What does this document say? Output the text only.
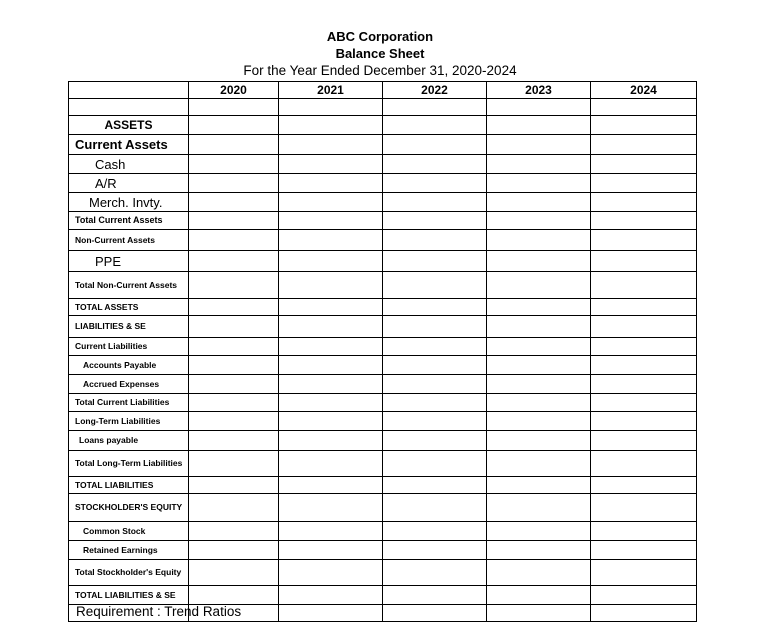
ABC Corporation
Balance Sheet
For the Year Ended December 31, 2020-2024
	2020	2021	2022	2023	2024

ASSETS					

Current Assets					

Cash					

A/R					

Merch. Invty.					

Total Current Assets					

Non-Current Assets					

PPE					

Total Non-Current Assets					

TOTAL ASSETS					

LIABILITIES & SE					

Current Liabilities					

Accounts Payable					

Accrued Expenses					

Total Current Liabilities					

Long-Term Liabilities					

Loans payable					

Total Long-Term Liabilities					

TOTAL LIABILITIES					

STOCKHOLDER'S EQUITY					

Common Stock					

Retained Earnings					

Total Stockholder's Equity					

TOTAL LIABILITIES & SE					

Requirement : Trend Ratios
